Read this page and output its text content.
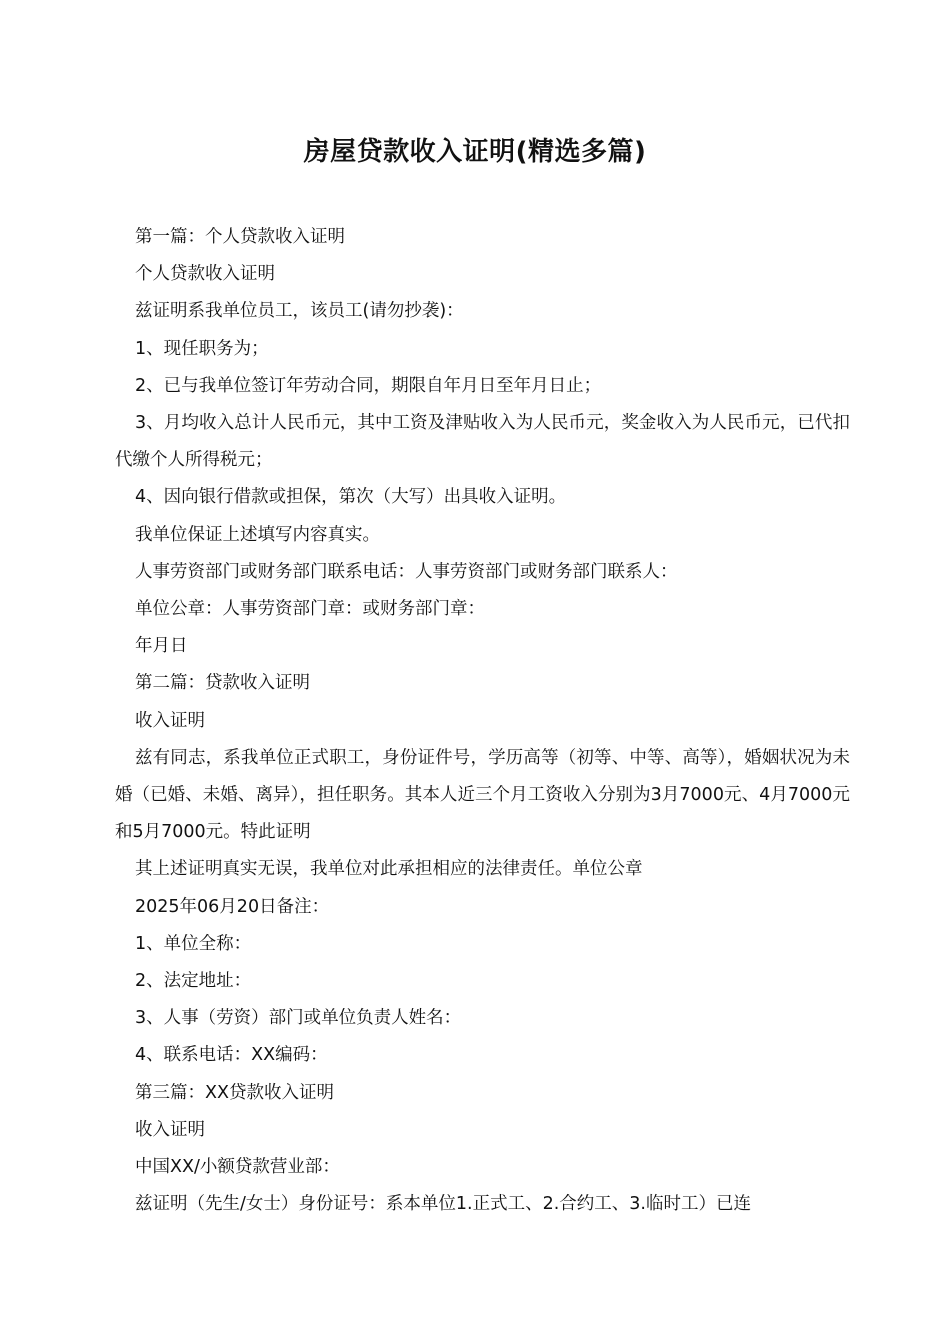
房屋贷款收入证明(精选多篇)

第一篇：个人贷款收入证明

个人贷款收入证明

兹证明系我单位员工，该员工(请勿抄袭)：

1、现任职务为；

2、已与我单位签订年劳动合同，期限自年月日至年月日止；

3、月均收入总计人民币元，其中工资及津贴收入为人民币元，奖金收入为人民币元，已代扣代缴个人所得税元；

4、因向银行借款或担保，第次（大写）出具收入证明。

我单位保证上述填写内容真实。

人事劳资部门或财务部门联系电话：人事劳资部门或财务部门联系人：

单位公章：人事劳资部门章：或财务部门章：

年月日

第二篇：贷款收入证明

收入证明

兹有同志，系我单位正式职工，身份证件号，学历高等（初等、中等、高等），婚姻状况为未婚（已婚、未婚、离异），担任职务。其本人近三个月工资收入分别为3月7000元、4月7000元和5月7000元。特此证明

其上述证明真实无误，我单位对此承担相应的法律责任。单位公章

2025年06月20日备注：

1、单位全称：

2、法定地址：

3、人事（劳资）部门或单位负责人姓名：

4、联系电话：XX编码：

第三篇：XX贷款收入证明

收入证明

中国XX/小额贷款营业部：

兹证明（先生/女士）身份证号：系本单位1.正式工、2.合约工、3.临时工）已连
